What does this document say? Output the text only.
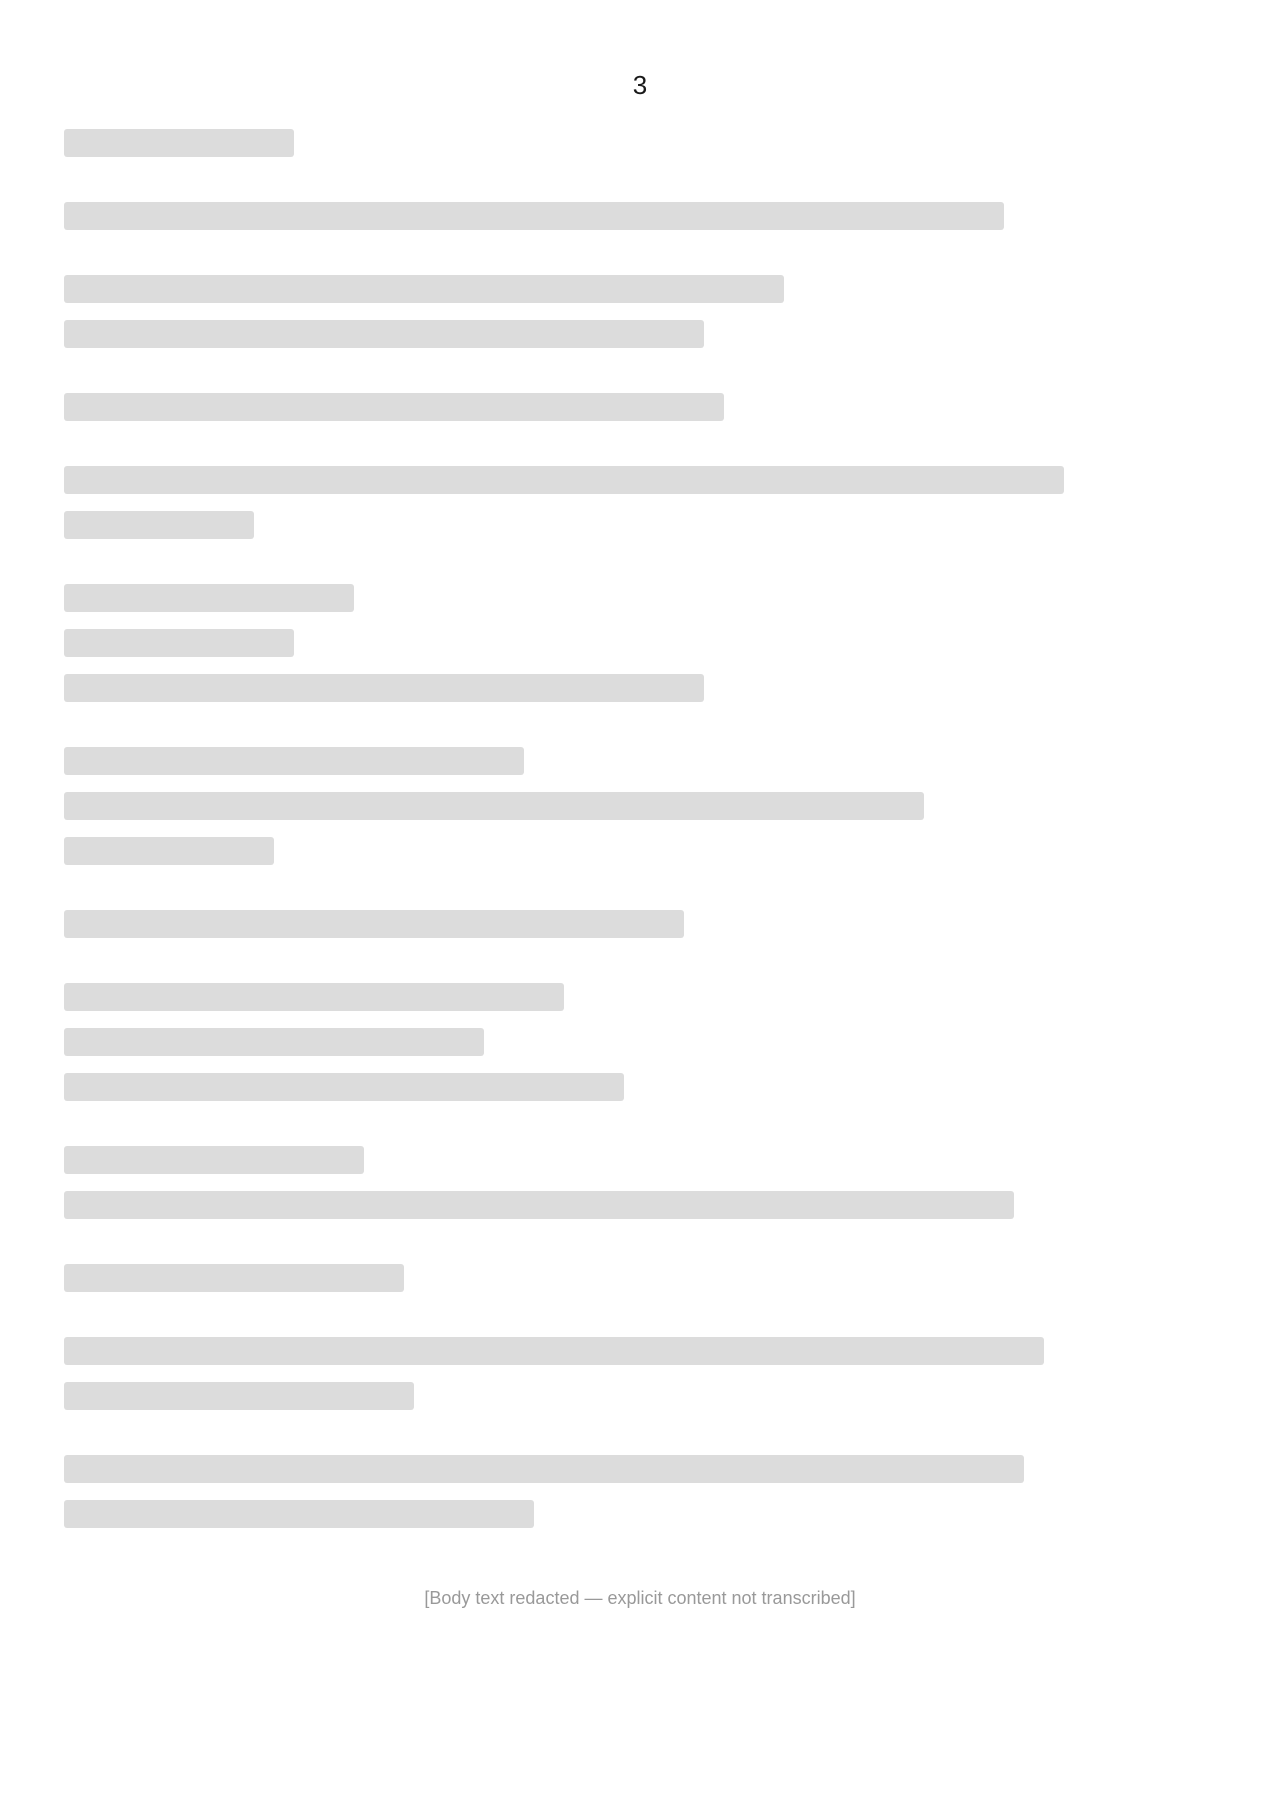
3
[Body text redacted — explicit content not transcribed]
